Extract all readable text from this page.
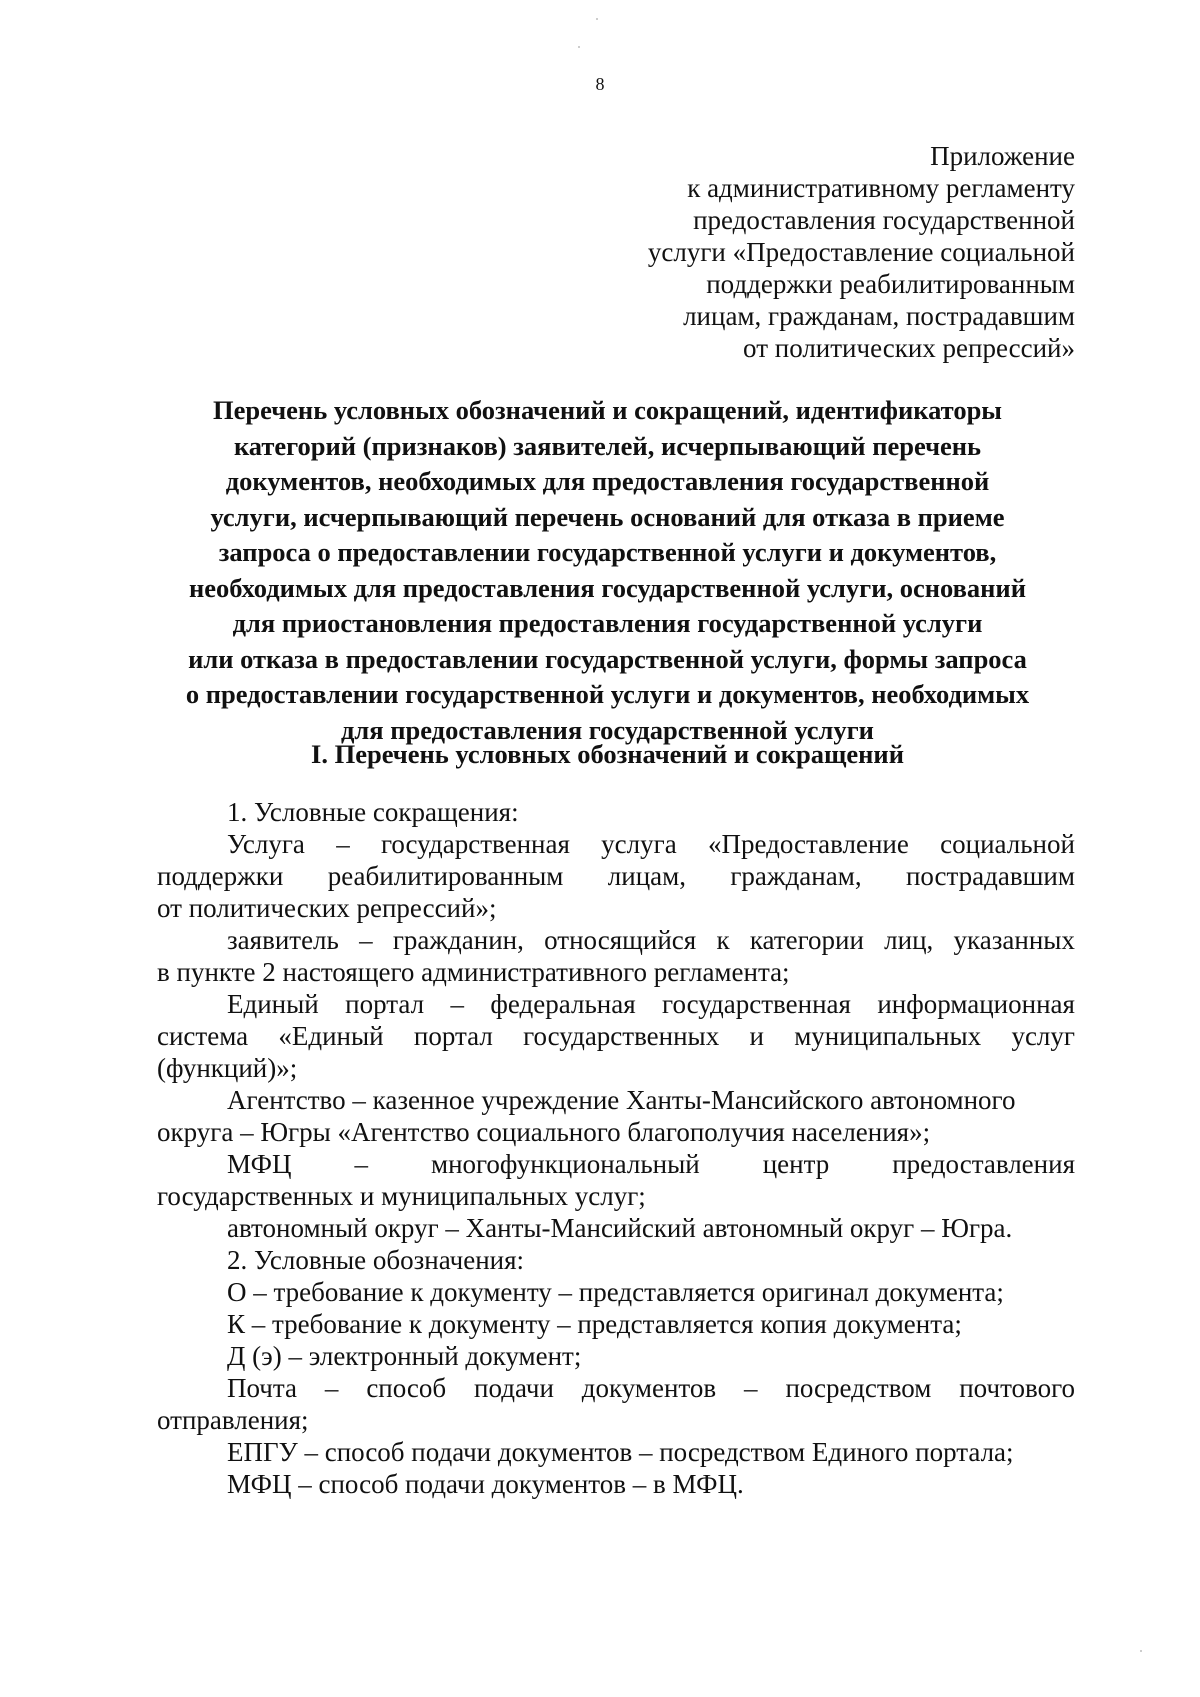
8
Приложение
к административному регламенту
предоставления государственной
услуги «Предоставление социальной
поддержки реабилитированным
лицам, гражданам, пострадавшим
от политических репрессий»
Перечень условных обозначений и сокращений, идентификаторы
категорий (признаков) заявителей, исчерпывающий перечень
документов, необходимых для предоставления государственной
услуги, исчерпывающий перечень оснований для отказа в приеме
запроса о предоставлении государственной услуги и документов,
необходимых для предоставления государственной услуги, оснований
для приостановления предоставления государственной услуги
или отказа в предоставлении государственной услуги, формы запроса
о предоставлении государственной услуги и документов, необходимых
для предоставления государственной услуги
I. Перечень условных обозначений и сокращений
1. Условные сокращения:
Услуга – государственная услуга «Предоставление социальной
поддержки реабилитированным лицам, гражданам, пострадавшим
от политических репрессий»;
заявитель – гражданин, относящийся к категории лиц, указанных
в пункте 2 настоящего административного регламента;
Единый портал – федеральная государственная информационная
система «Единый портал государственных и муниципальных услуг
(функций)»;
Агентство – казенное учреждение Ханты-Мансийского автономного
округа – Югры «Агентство социального благополучия населения»;
МФЦ – многофункциональный центр предоставления
государственных и муниципальных услуг;
автономный округ – Ханты-Мансийский автономный округ – Югра.
2. Условные обозначения:
О – требование к документу – представляется оригинал документа;
К – требование к документу – представляется копия документа;
Д (э) – электронный документ;
Почта – способ подачи документов – посредством почтового
отправления;
ЕПГУ – способ подачи документов – посредством Единого портала;
МФЦ – способ подачи документов – в МФЦ.
